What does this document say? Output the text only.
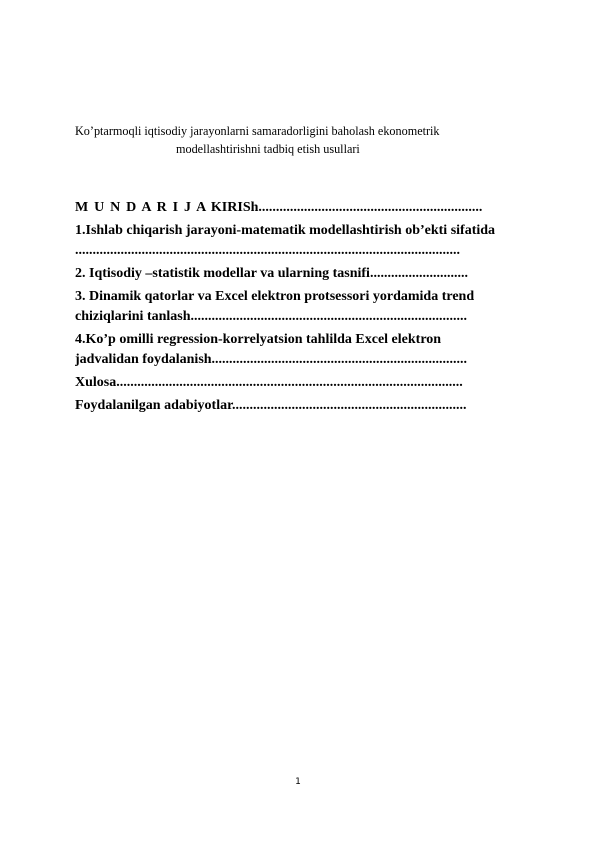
Ko’ptarmoqli iqtisodiy jarayonlarni samaradorligini baholash ekonometrik
modellashtirishni tadbiq etish usullari

M U N D A R I J A KIRISh................................................................
1.Ishlab chiqarish jarayoni-matematik modellashtirish ob’ekti sifatida
..............................................................................................................
2. Iqtisodiy –statistik modellar va ularning tasnifi............................
3. Dinamik qatorlar va Excel elektron protsessori yordamida trend
chiziqlarini tanlash...............................................................................
4.Ko’p omilli regression-korrelyatsion tahlilda Excel elektron
jadvalidan foydalanish.........................................................................
Xulosa...................................................................................................
Foydalanilgan adabiyotlar...................................................................
1
